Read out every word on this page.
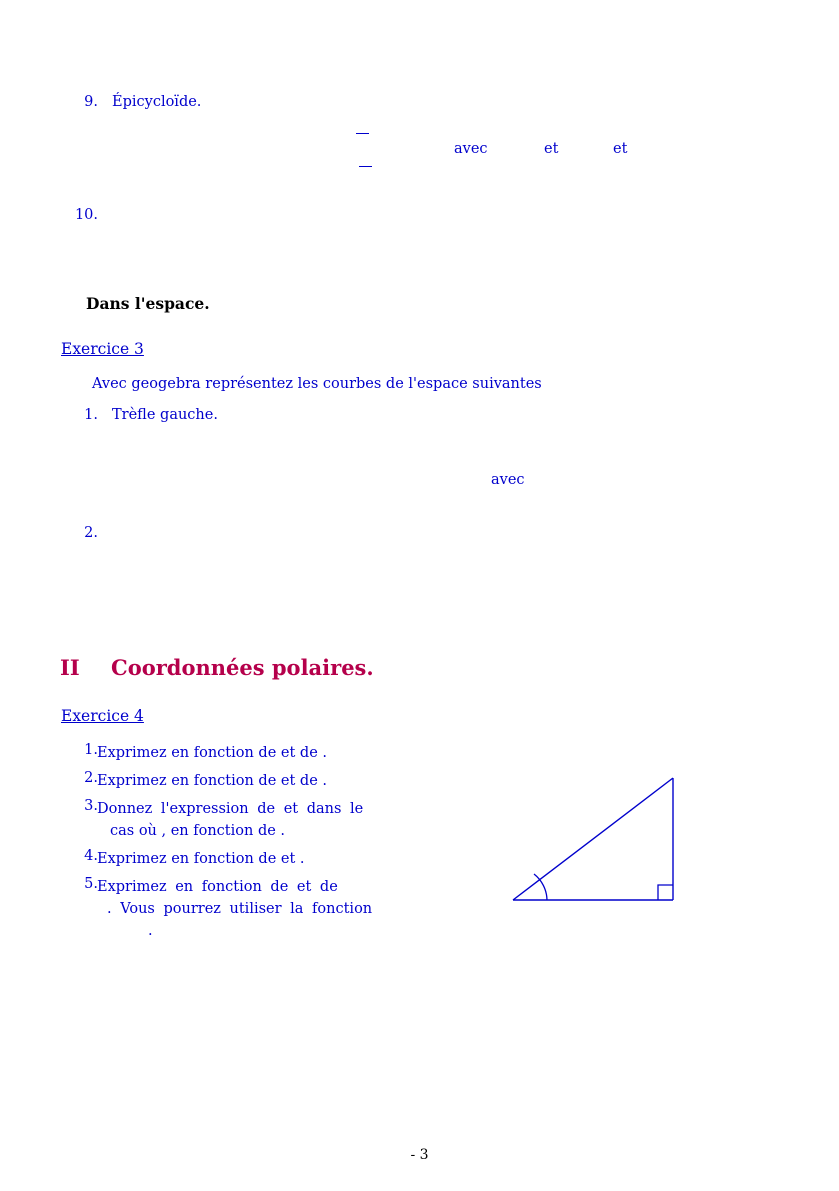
9. Épicycloïde.
avec	et	et
10.
Dans l'espace.
Exercice 3
Avec geogebra représentez les courbes de l'espace suivantes
1. Trèfle gauche.
avec
2.
II Coordonnées polaires.
Exercice 4
1. Exprimez en fonction de et de .
2. Exprimez en fonction de et de .
3. Donnez l'expression de et dans le
cas où , en fonction de .
4. Exprimez en fonction de et .
5. Exprimez en fonction de et de
. Vous pourrez utiliser la fonction
.
- 3
